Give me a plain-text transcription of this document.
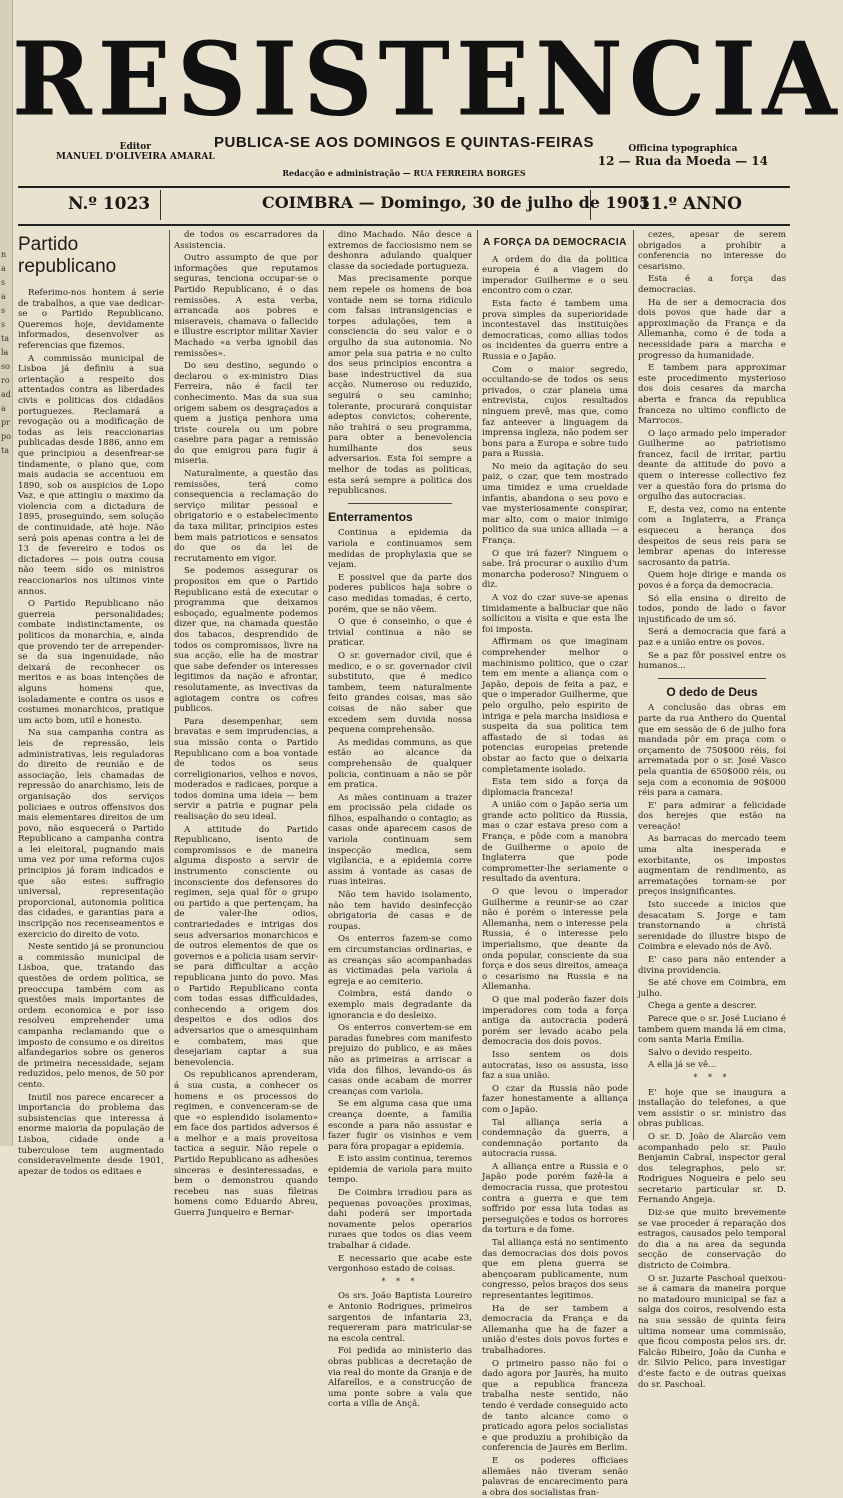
n
a
s
a
s
s
ta
la
so
ro
ad
a
pr
po
ta
RESISTENCIA
PUBLICA-SE AOS DOMINGOS E QUINTAS-FEIRAS
Editor
MANUEL D'OLIVEIRA AMARAL
Officina typographica
12 — Rua da Moeda — 14
Redacção e administração — RUA FERREIRA BORGES
N.º 1023	COIMBRA — Domingo, 30 de julho de 1905
11.º ANNO
Partido republicano

Referimo-nos hontem á serie de trabalhos, a que vae dedicar-se o Partido Republicano. Queremos hoje, devidamente informados, desenvolver as referencias que fizemos.

A commissão municipal de Lisboa já definiu a sua orientação a respeito dos attentados contra as liberdades civis e politicas dos cidadãos portuguezes. Reclamará a revogação ou a modificação de todas as leis reaccionarias publicadas desde 1886, anno em que principiou a desenfrear-se tindamente, o plano que, com mais audacia se accentuou em 1890, sob os auspicios de Lopo Vaz, e que attingiu o maximo da violencia com a dictadura de 1895, proseguindo, sem solução de continuidade, até hoje. Não será pois apenas contra a lei de 13 de fevereiro e todos os dictadores — pois outra cousa não teem sido os ministros reaccionarios nos ultimos vinte annos.

O Partido Republicano não guerreia personalidades; combate indistinctamente, os politicos da monarchia, e, ainda que provendo ter de arrepender-se da sua ingenuidade, não deixará de reconhecer os meritos e as boas intenções de alguns homens que, isoladamente e contra os usos e costumes monarchicos, pratique um acto bom, util e honesto.

Na sua campanha contra as leis de repressão, leis administrativas, leis reguladoras do direito de reunião e de associação, leis chamadas de repressão do anarchismo, leis de organisação dos serviços policiaes e outros offensivos dos mais elementares direitos de um povo, não esquecerá o Partido Republicano a campanha contra a lei eleitoral, pugnando mais uma vez por uma reforma cujos principios já foram indicados e que são estes: suffragio universal, representação proporcional, autonomia politica das cidades, e garantias para a inscripção nos recenseamentos e exercicio do direito de voto.

Neste sentido já se pronunciou a commissão municipal de Lisboa, que, tratando das questões de ordem politica, se preoccupa também com as questões mais importantes de ordem economica e por isso resolveu emprehender uma campanha reclamando que o imposto de consumo e os direitos alfandegarios sobre os generos de primeira necessidade, sejam reduzidos, pelo menos, de 50 por cento.

Inutil nos parece encarecer a importancia do problema das subsistencias que interessa á enorme maioria da população de Lisboa, cidade onde a tuberculose tem augmentado consideravelmente desde 1901, apezar de todos os editaes e

de todos os escarradores da Assistencia.

Outro assumpto de que por informações que reputamos seguras, tenciona occupar-se o Partido Republicano, é o das remissões. A esta verba, arrancada aos pobres e miseraveis, chamava o fallecido e illustre escriptor militar Xavier Machado «a verba ignobil das remissões».

Do seu destino, segundo o declarou o ex-ministro Dias Ferreira, não é facil ter conhecimento. Mas da sua sua origem sabem os desgraçados a quem a justiça penhora uma triste courela ou um pobre casebre para pagar a remissão do que emigrou para fugir á miseria.

Naturalmente, a questão das remissões, terá como consequencia a reclamação do serviço militar pessoal e obrigatorio e o estabelecimento da taxa militar, principios estes bem mais patrioticos e sensatos do que os da lei de recrutamento em vigor.

Se podemos assegurar os propositos em que o Partido Republicano está de executar o programma que deixamos esboçado, egualmente podemos dizer que, na chamada questão dos tabacos, desprendido de todos os compromissos, livre na sua acção, elle ha de mostrar que sabe defender os interesses legitimos da nação e afrontar, resolutamente, as invectivas da agiotagem contra os cofres publicos.

Para desempenhar, sem bravatas e sem imprudencias, a sua missão conta o Partido Republicano com a boa vontade de todos os seus correligionarios, velhos e novos, moderados e radicaes, porque a todos domina uma ideia — bem servir a patria e pugnar pela realisação do seu ideal.

A attitude do Partido Republicano, isento de compromissos e de maneira alguma disposto a servir de instrumento consciente ou inconsciente dos defensores do regimen, seja qual fôr o grupo ou partido a que pertençam, ha de valer-lhe odios, contrariedades e intrigas dos seus adversarios monarchicos e de outros elementos de que os governos e a policia usam servir-se para difficultar a acção republicana junto do povo. Mas o Partido Republicano conta com todas essas difficuldades, conhecendo a origem dos despeitos e dos odios dos adversarios que o amesquinham e combatem, mas que desejariam captar a sua benevolencia.

Os republicanos aprenderam, á sua custa, a conhecer os homens e os processos do regimen, e convenceram-se de que «o esplendido isolamento» em face dos partidos adversos é a melhor e a mais proveitosa tactica a seguir. Não repele o Partido Republicano as adhesões sinceras e desinteressadas, e bem o demonstrou quando recebeu nas suas fileiras homens como Eduardo Abreu, Guerra Junqueiro e Bernar-

dino Machado. Não desce a extremos de facciosismo nem se deshonra adulando qualquer classe da sociedade portugueza.

Mas precisamente porque nem repele os homens de boa vontade nem se torna ridiculo com falsas intransigencias e torpes adulações, tem a consciencia do seu valor e o orgulho da sua autonomia. No amor pela sua patria e no culto dos seus principios encontra a base indestructivel da sua acção. Numeroso ou reduzido, seguirá o seu caminho; tolerante, procurará conquistar adeptos convictos; coherente, não trahirá o seu programma, para obter a benevolencia humilhante dos seus adversarios. Esta foi sempre a melhor de todas as politicas, esta será sempre a politica dos republicanos.

Enterramentos

Continua a epidemia da variola e continuamos sem medidas de prophylaxia que se vejam.

E possivel que da parte dos poderes publicos haja sobre o caso medidas tomadas, é certo, porém, que se não vêem.

O que é conseinho, o que é trivial continua a não se praticar.

O sr. governador civil, que é medico, e o sr. governador civil substituto, que é medico tambem, teem naturalmente feito grandes coisas, mas são coisas de não saber que excedem sem duvida nossa pequena comprehensão.

As medidas communs, as que estão ao alcance da comprehensão de qualquer policia, continuam a não se pôr em pratica.

As mães continuam a trazer em procissão pela cidade os filhos, espalhando o contagio; as casas onde aparecem casos de variola continuam sem inspecção medica, sem vigilancia, e a epidemia corre assim á vontade as casas de ruas inteiras.

Não tem havido isolamento, não tem havido desinfecção obrigatoria de casas e de roupas.

Os enterros fazem-se como em circumstancias ordinarias, e as creanças são acompanhadas as victimadas pela variola á egreja e ao cemiterio.

Coimbra, está dando o exemplo mais degradante da ignorancia e do desleixo.

Os enterros convertem-se em paradas funebres com manifesto prejuizo do publico, e as mães não as primeiras a arriscar a vida dos filhos, levando-os ás casas onde acabam de morrer creanças com variola.

Se em alguma casa que uma creança doente, a familia esconde a para não assustar e fazer fugir os visinhos e vem para fóra propagar a epidemia.

E isto assim continua, teremos epidemia de variola para muito tempo.

De Coimbra irradiou para as pequenas povoações proximas, dahi poderá ser importada novamente pelos operarios ruraes que todos os dias veem trabalhar á cidade.

E necessario que acabe este vergonhoso estado de coisas.

* * *

Os srs. João Baptista Loureiro e Antonio Rodrigues, primeiros sargentos de infantaria 23, requereram para matricular-se na escola central.

Foi pedida ao ministerio das obras publicas a decretação de via real do monte da Granja e de Alfarellos, e a construcção de uma ponte sobre a vala que corta a villa de Ançã.

A FORÇA DA DEMOCRACIA

A ordem do dia da politica europeia é a viagem do imperador Guilherme e o seu encontro com o czar.

Esta facto é tambem uma prova simples da superioridade incontestavel das instituições democraticas, como allias todos os incidentes da guerra entre a Russia e o Japão.

Com o maior segredo, occultando-se de todos os seus privados, o czar planeia uma entrevista, cujos resultados ninguem prevê, mas que, como faz anteever a linguagem da imprensa ingleza, não podem ser bons para a Europa e sobre tudo para a Russia.

No meio da agitação do seu paiz, o czar, que tem mostrado uma timidez e uma crueldade infantis, abandona o seu povo e vae mysteriosamente conspirar, mar alto, com o maior inimigo politico da sua unica alliada — a França.

O que irá fazer? Ninguem o sabe. Irá procurar o auxilio d'um monarcha poderoso? Ninguem o diz.

A voz do czar suve-se apenas timidamente a balbuciar que não sollicitou a visita e que esta lhe foi imposta.

Affirmam os que imaginam comprehender melhor o machinismo politico, que o czar tem em mente a aliança com o Japão, depois de feita a paz, e que o imperador Guilherme, que pelo orgulho, pelo espirito de intriga e pela marcha insidiosa e suspeita da sua politica tem affastado de si todas as potencias europeias pretende obstar ao facto que o deixaria completamente isolado.

Esta tem sido a força da diplomacia franceza!

A união com o Japão seria um grande acto politico da Russia, mas o czar estava preso com a França, e pôde com a manobra de Guilherme o apoio de Inglaterra que pode comprometter-lhe seriamente o resultado da aventura.

O que levou o imperador Guilherme a reunir-se ao czar não é porém o interesse pela Allemanha, nem o interesse pela Russia, é o interesse pelo imperialismo, que deante da onda popular, consciente da sua força e dos seus direitos, ameaça o cesarismo na Russia e na Allemanha.

O que mal poderão fazer dois imperadores com toda a força antiga da autocracia poderá porém ser levado acabo pela democracia dos dois povos.

Isso sentem os dois autocratas, isso os assusta, isso faz a sua união.

O czar da Russia não pode fazer honestamente a alliança com o Japão.

Tal alliança seria a condemnação da guerra, a condemnação portanto da autocracia russa.

A alliança entre a Russia e o Japão pode porém fazê-la a democracia russa, que protestou contra a guerra e que tem soffrido por essa luta todas as perseguições e todos os horrores da tortura e da fome.

Tal alliança está no sentimento das democracias dos dois povos que em plena guerra se abençoaram publicamente, num congresso, pelos braços dos seus representantes legitimos.

Ha de ser tambem a democracia da França e da Allemanha que ha de fazer a união d'estes dois povos fortes e trabalhadores.

O primeiro passo não foi o dado agora por Jaurès, ha muito que a republica franceza trabalha neste sentido, não tendo é verdade conseguido acto de tanto alcance como o praticado agora pelos socialistas e que produziu a prohibição da conferencia de Jaurès em Berlim.

E os poderes officiaes allemães não tiveram senão palavras de encarecimento para a obra dos socialistas fran-

cezes, apesar de serem obrigados a prohibir a conferencia no interesse do cesarismo.

Esta é a força das democracias.

Ha de ser a democracia dos dois povos que hade dar a approximação da França e da Allemanha, como é de toda a necessidade para a marcha e progresso da humanidade.

E tambem para approximar este procedimento mysterioso dos dois cesares da marcha aberta e franca da republica franceza no ultimo conflicto de Marrocos.

O laço armado pelo imperador Guilherme ao patriotismo francez, facil de irritar, partiu deante da attitude do povo a quem o interesse collectivo fez ver a questão fora do prisma do orgulho das autocracias.

E, desta vez, como na entente com a Inglaterra, a França esqueceu a herança dos despeitos de seus reis para se lembrar apenas do interesse sacrosanto da patria.

Quem hoje dirige e manda os povos é a força da democracia.

Só ella ensina o direito de todos, pondo de lado o favor injustificado de um só.

Será a democracia que fará a paz e a união entre os povos.

Se a paz fôr possivel entre os humanos...

O dedo de Deus

A conclusão das obras em parte da rua Anthero do Quental que em sessão de 6 de julho fora mandada pôr em praça com o orçamento de 750$000 réis, foi arrematada por o sr. José Vasco pela quantia de 650$000 réis, ou seja com a economia de 90$000 réis para a camara.

E' para admirar a felicidade dos herejes que estão na vereação!

As barracas do mercado teem uma alta inesperada e exorbitante, os impostos augmentam de rendimento, as arrematações tornam-se por preços insignificantes.

Isto succede a inicios que desacatam S. Jorge e tam transtornando a christã serenidade do illustre bispo de Coimbra e elevado nós de Avô.

E' caso para não entender a divina providencia.

Se até chove em Coimbra, em julho.

Chega a gente a descrer.

Parece que o sr. José Luciano é tambem quem manda lá em cima, com santa Maria Emilia.

Salvo o devido respeito.

A ella já se vê...

* * *

E' hoje que se inaugura a installação do telefones, a que vem assistir o sr. ministro das obras publicas.

O sr. D. João de Alarcão vem acompanhado pelo sr. Paulo Benjamin Cabral, inspector geral dos telegraphos, pelo sr. Rodrigues Nogueira e pelo seu secretario particular sr. D. Fernando Angeja.

Diz-se que muito brevemente se vae proceder á reparação dos estragos, causados pelo temporal do dia a na area da segunda secção de conservação do districto de Coimbra.

O sr. Juzarte Paschoal queixou-se á camara da maneira porque no matadouro municipal se faz a salga dos coiros, resolvendo esta na sua sessão de quinta feira ultima nomear uma commissão, que ficou composta pelos srs. dr. Falcão Ribeiro, João da Cunha e dr. Silvio Pelico, para investigar d'este facto e de outras queixas do sr. Paschoal.
